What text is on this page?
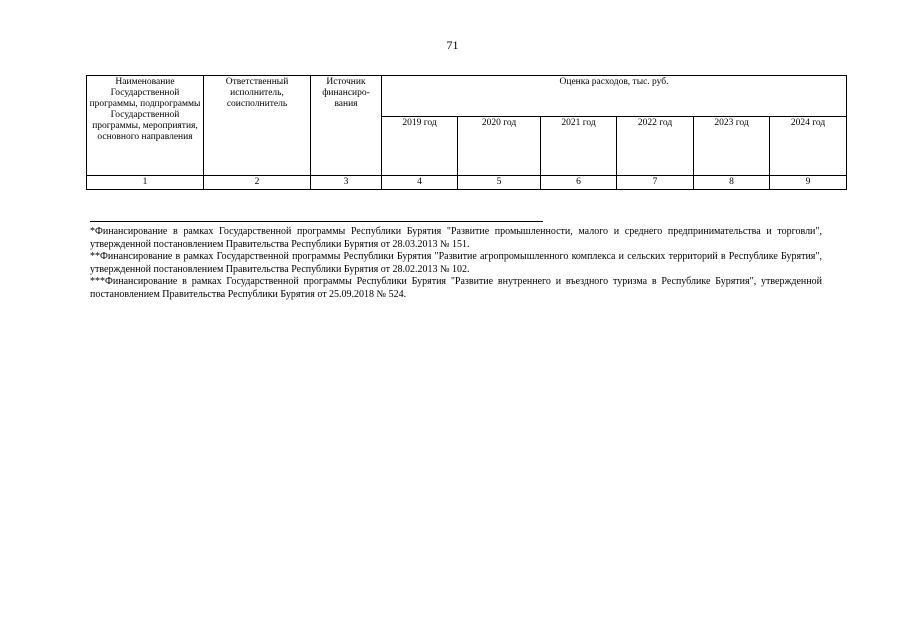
71
Наименование Государственной программы, подпрограммы Государственной программы, мероприятия, основного направления	Ответственный исполнитель, соисполнитель	Источник финансиро-вания	Оценка расходов, тыс. руб.					
			2019 год	2020 год	2021 год	2022 год	2023 год	2024 год
1	2	3	4	5	6	7	8	9
*Финансирование в рамках Государственной программы Республики Бурятия "Развитие промышленности, малого и среднего предпринимательства и торговли", утвержденной постановлением Правительства Республики Бурятия от 28.03.2013 № 151.
**Финансирование в рамках Государственной программы Республики Бурятия "Развитие агропромышленного комплекса и сельских территорий в Республике Бурятия", утвержденной постановлением Правительства Республики Бурятия от 28.02.2013 № 102.
***Финансирование в рамках Государственной программы Республики Бурятия "Развитие внутреннего и въездного туризма в Республике Бурятия", утвержденной постановлением Правительства Республики Бурятия от 25.09.2018 № 524.
